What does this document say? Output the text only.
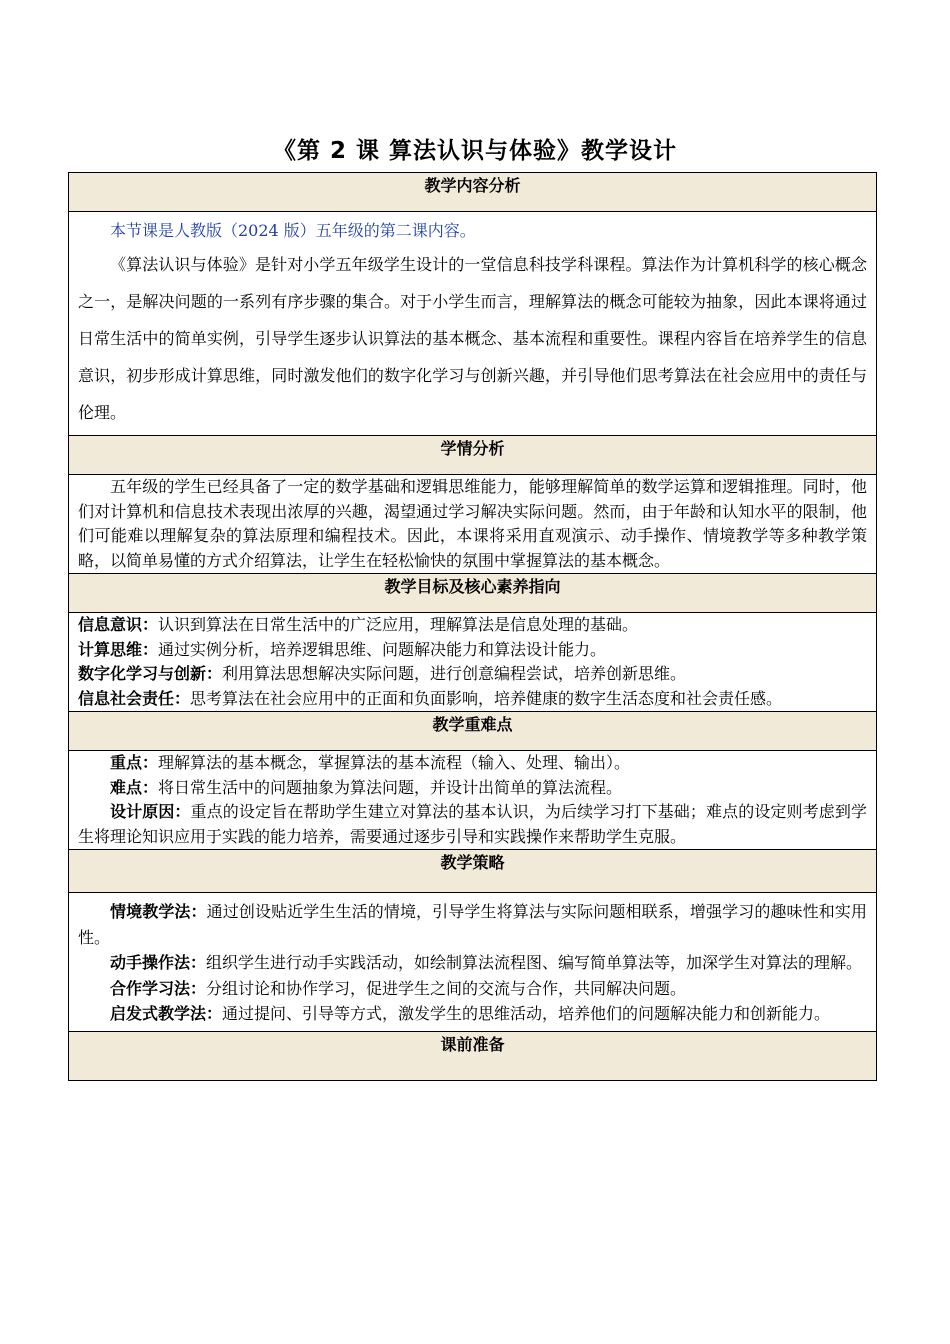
《第 2 课 算法认识与体验》教学设计
教学内容分析

本节课是人教版（2024 版）五年级的第二课内容。

《算法认识与体验》是针对小学五年级学生设计的一堂信息科技学科课程。算法作为计算机科学的核心概念之一，是解决问题的一系列有序步骤的集合。对于小学生而言，理解算法的概念可能较为抽象，因此本课将通过日常生活中的简单实例，引导学生逐步认识算法的基本概念、基本流程和重要性。课程内容旨在培养学生的信息意识，初步形成计算思维，同时激发他们的数字化学习与创新兴趣，并引导他们思考算法在社会应用中的责任与伦理。

学情分析

五年级的学生已经具备了一定的数学基础和逻辑思维能力，能够理解简单的数学运算和逻辑推理。同时，他们对计算机和信息技术表现出浓厚的兴趣，渴望通过学习解决实际问题。然而，由于年龄和认知水平的限制，他们可能难以理解复杂的算法原理和编程技术。因此，本课将采用直观演示、动手操作、情境教学等多种教学策略，以简单易懂的方式介绍算法，让学生在轻松愉快的氛围中掌握算法的基本概念。

教学目标及核心素养指向

信息意识：认识到算法在日常生活中的广泛应用，理解算法是信息处理的基础。

计算思维：通过实例分析，培养逻辑思维、问题解决能力和算法设计能力。

数字化学习与创新：利用算法思想解决实际问题，进行创意编程尝试，培养创新思维。

信息社会责任：思考算法在社会应用中的正面和负面影响，培养健康的数字生活态度和社会责任感。

教学重难点

重点：理解算法的基本概念，掌握算法的基本流程（输入、处理、输出）。

难点：将日常生活中的问题抽象为算法问题，并设计出简单的算法流程。

设计原因：重点的设定旨在帮助学生建立对算法的基本认识，为后续学习打下基础；难点的设定则考虑到学生将理论知识应用于实践的能力培养，需要通过逐步引导和实践操作来帮助学生克服。

教学策略

情境教学法：通过创设贴近学生生活的情境，引导学生将算法与实际问题相联系，增强学习的趣味性和实用性。

动手操作法：组织学生进行动手实践活动，如绘制算法流程图、编写简单算法等，加深学生对算法的理解。

合作学习法：分组讨论和协作学习，促进学生之间的交流与合作，共同解决问题。

启发式教学法：通过提问、引导等方式，激发学生的思维活动，培养他们的问题解决能力和创新能力。

课前准备
